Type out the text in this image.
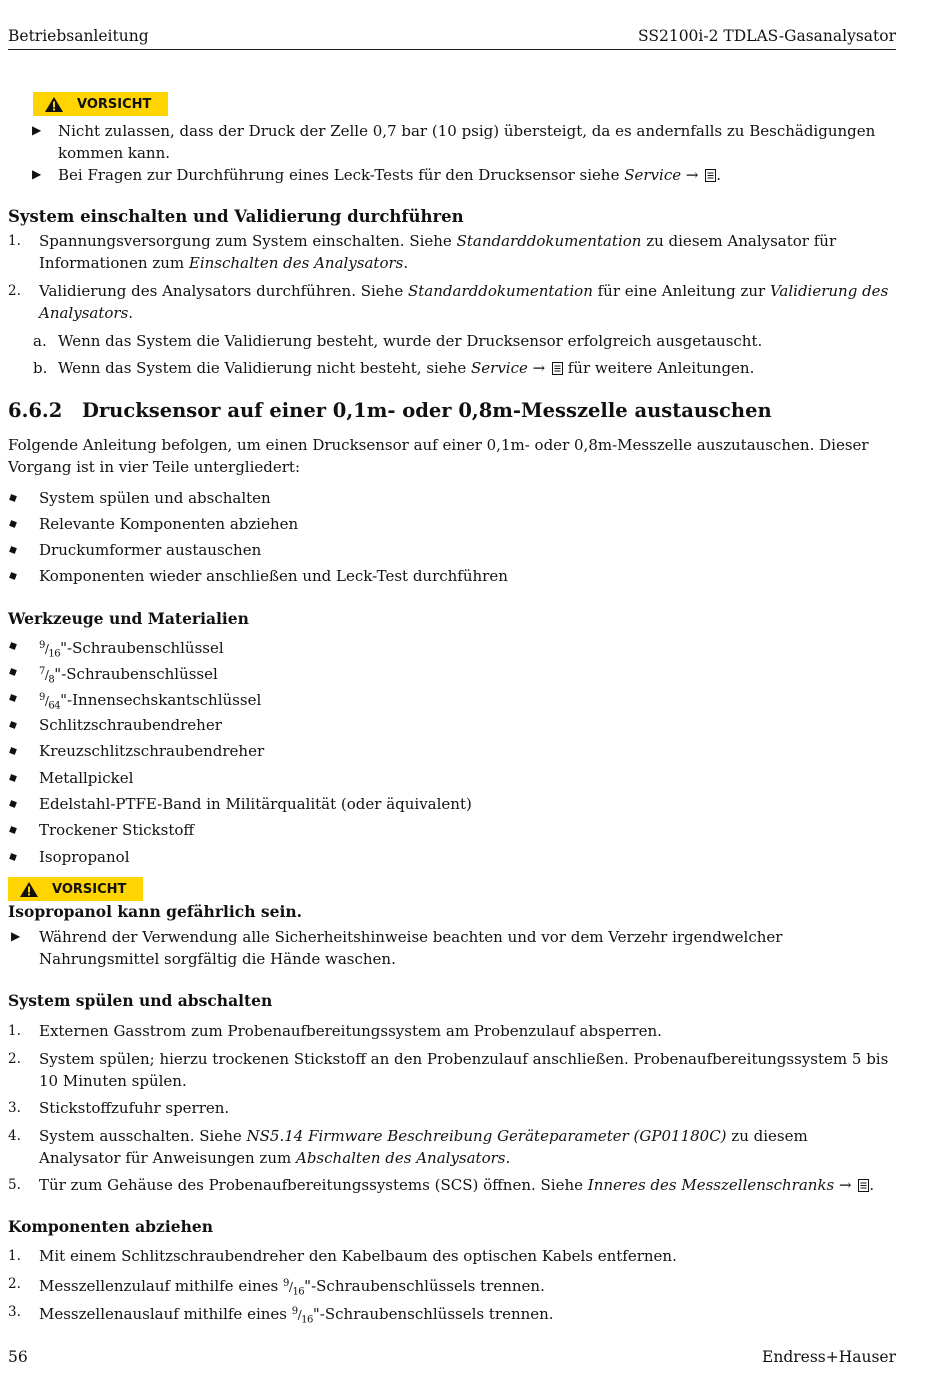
Betriebsanleitung	SS2100i-2 TDLAS-Gasanalysator
VORSICHT
▶	Nicht zulassen, dass der Druck der Zelle 0,7 bar (10 psig) übersteigt, da es andernfalls zu Beschädigungen kommen kann.
▶	Bei Fragen zur Durchführung eines Leck-Tests für den Drucksensor siehe Service → .
System einschalten und Validierung durchführen
1.	Spannungsversorgung zum System einschalten. Siehe Standarddokumentation zu diesem Analysator für Informationen zum Einschalten des Analysators.
2.	Validierung des Analysators durchführen. Siehe Standarddokumentation für eine Anleitung zur Validierung des Analysators.
a. Wenn das System die Validierung besteht, wurde der Drucksensor erfolgreich ausgetauscht.
b. Wenn das System die Validierung nicht besteht, siehe Service →  für weitere Anleitungen.
6.6.2 Drucksensor auf einer 0,1m- oder 0,8m-Messzelle austauschen
Folgende Anleitung befolgen, um einen Drucksensor auf einer 0,1m- oder 0,8m-Messzelle auszutauschen. Dieser Vorgang ist in vier Teile untergliedert:
System spülen und abschalten
Relevante Komponenten abziehen
Druckumformer austauschen
Komponenten wieder anschließen und Leck-Test durchführen
Werkzeuge und Materialien
$^9/_{16}$"-Schraubenschlüssel
$^7/_8$"-Schraubenschlüssel
$^9/_{64}$"-Innensechskantschlüssel
Schlitzschraubendreher
Kreuzschlitzschraubendreher
Metallpickel
Edelstahl-PTFE-Band in Militärqualität (oder äquivalent)
Trockener Stickstoff
Isopropanol
VORSICHT
Isopropanol kann gefährlich sein.
▶	Während der Verwendung alle Sicherheitshinweise beachten und vor dem Verzehr irgendwelcher Nahrungsmittel sorgfältig die Hände waschen.
System spülen und abschalten
1.	Externen Gasstrom zum Probenaufbereitungssystem am Probenzulauf absperren.
2.	System spülen; hierzu trockenen Stickstoff an den Probenzulauf anschließen. Probenaufbereitungssystem 5 bis 10 Minuten spülen.
3.	Stickstoffzufuhr sperren.
4.	System ausschalten. Siehe NS5.14 Firmware Beschreibung Geräteparameter (GP01180C) zu diesem Analysator für Anweisungen zum Abschalten des Analysators.
5.	Tür zum Gehäuse des Probenaufbereitungssystems (SCS) öffnen. Siehe Inneres des Messzellenschranks → .
Komponenten abziehen
1.	Mit einem Schlitzschraubendreher den Kabelbaum des optischen Kabels entfernen.
2.	Messzellenzulauf mithilfe eines $^9/_{16}$"-Schraubenschlüssels trennen.
3.	Messzellenauslauf mithilfe eines $^9/_{16}$"-Schraubenschlüssels trennen.
56	Endress+Hauser
